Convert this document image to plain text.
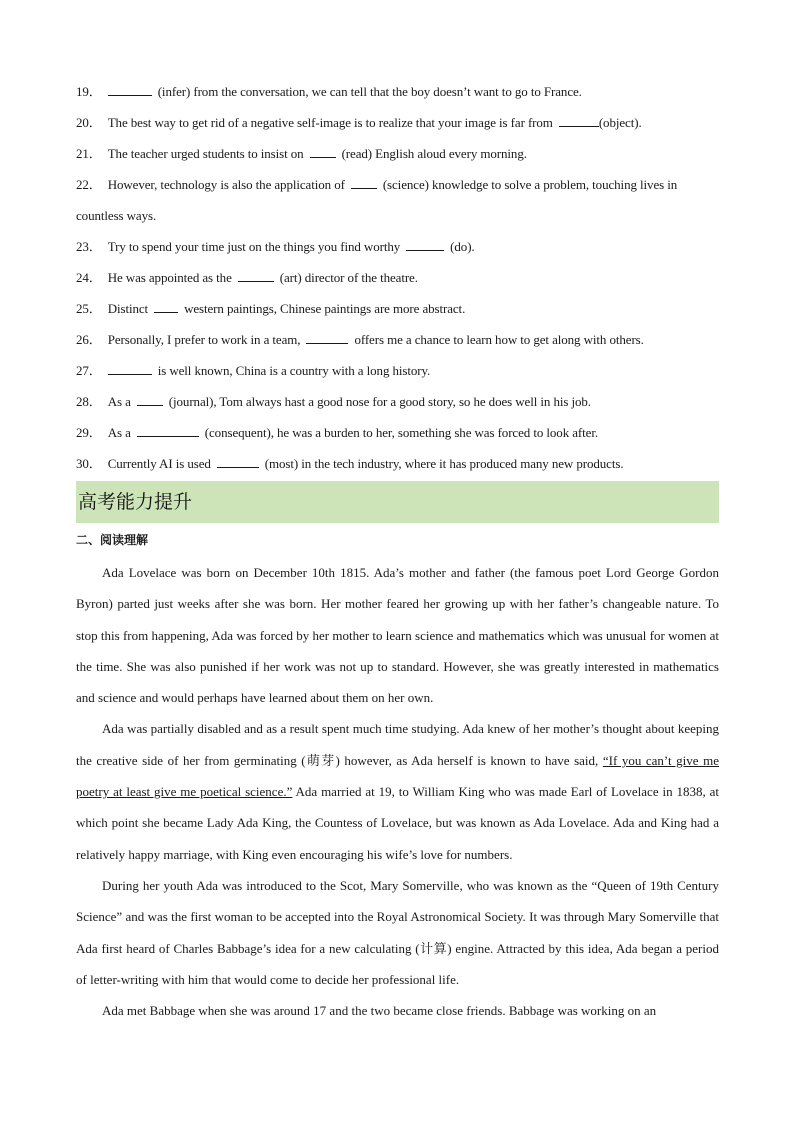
19．	(infer) from the conversation, we can tell that the boy doesn’t want to go to France.
20． The best way to get rid of a negative self-image is to realize that your image is far from	(object).
21． The teacher urged students to insist on	(read) English aloud every morning.
22． However, technology is also the application of	(science) knowledge to solve a problem, touching lives in countless ways.
23． Try to spend your time just on the things you find worthy	(do).
24． He was appointed as the	(art) director of the theatre.
25． Distinct	western paintings, Chinese paintings are more abstract.
26． Personally, I prefer to work in a team,	offers me a chance to learn how to get along with others.
27．	is well known, China is a country with a long history.
28． As a	(journal), Tom always hast a good nose for a good story, so he does well in his job.
29． As a	(consequent), he was a burden to her, something she was forced to look after.
30． Currently AI is used	(most) in the tech industry, where it has produced many new products.
高考能力提升
二、阅读理解

Ada Lovelace was born on December 10th 1815. Ada’s mother and father (the famous poet Lord George Gordon Byron) parted just weeks after she was born. Her mother feared her growing up with her father’s changeable nature. To stop this from happening, Ada was forced by her mother to learn science and mathematics which was unusual for women at the time. She was also punished if her work was not up to standard. However, she was greatly interested in mathematics and science and would perhaps have learned about them on her own.

Ada was partially disabled and as a result spent much time studying. Ada knew of her mother’s thought about keeping the creative side of her from germinating (萌芽) however, as Ada herself is known to have said, “If you can’t give me poetry at least give me poetical science.” Ada married at 19, to William King who was made Earl of Lovelace in 1838, at which point she became Lady Ada King, the Countess of Lovelace, but was known as Ada Lovelace. Ada and King had a relatively happy marriage, with King even encouraging his wife’s love for numbers.

During her youth Ada was introduced to the Scot, Mary Somerville, who was known as the “Queen of 19th Century Science” and was the first woman to be accepted into the Royal Astronomical Society. It was through Mary Somerville that Ada first heard of Charles Babbage’s idea for a new calculating (计算) engine. Attracted by this idea, Ada began a period of letter-writing with him that would come to decide her professional life.

Ada met Babbage when she was around 17 and the two became close friends. Babbage was working on an
